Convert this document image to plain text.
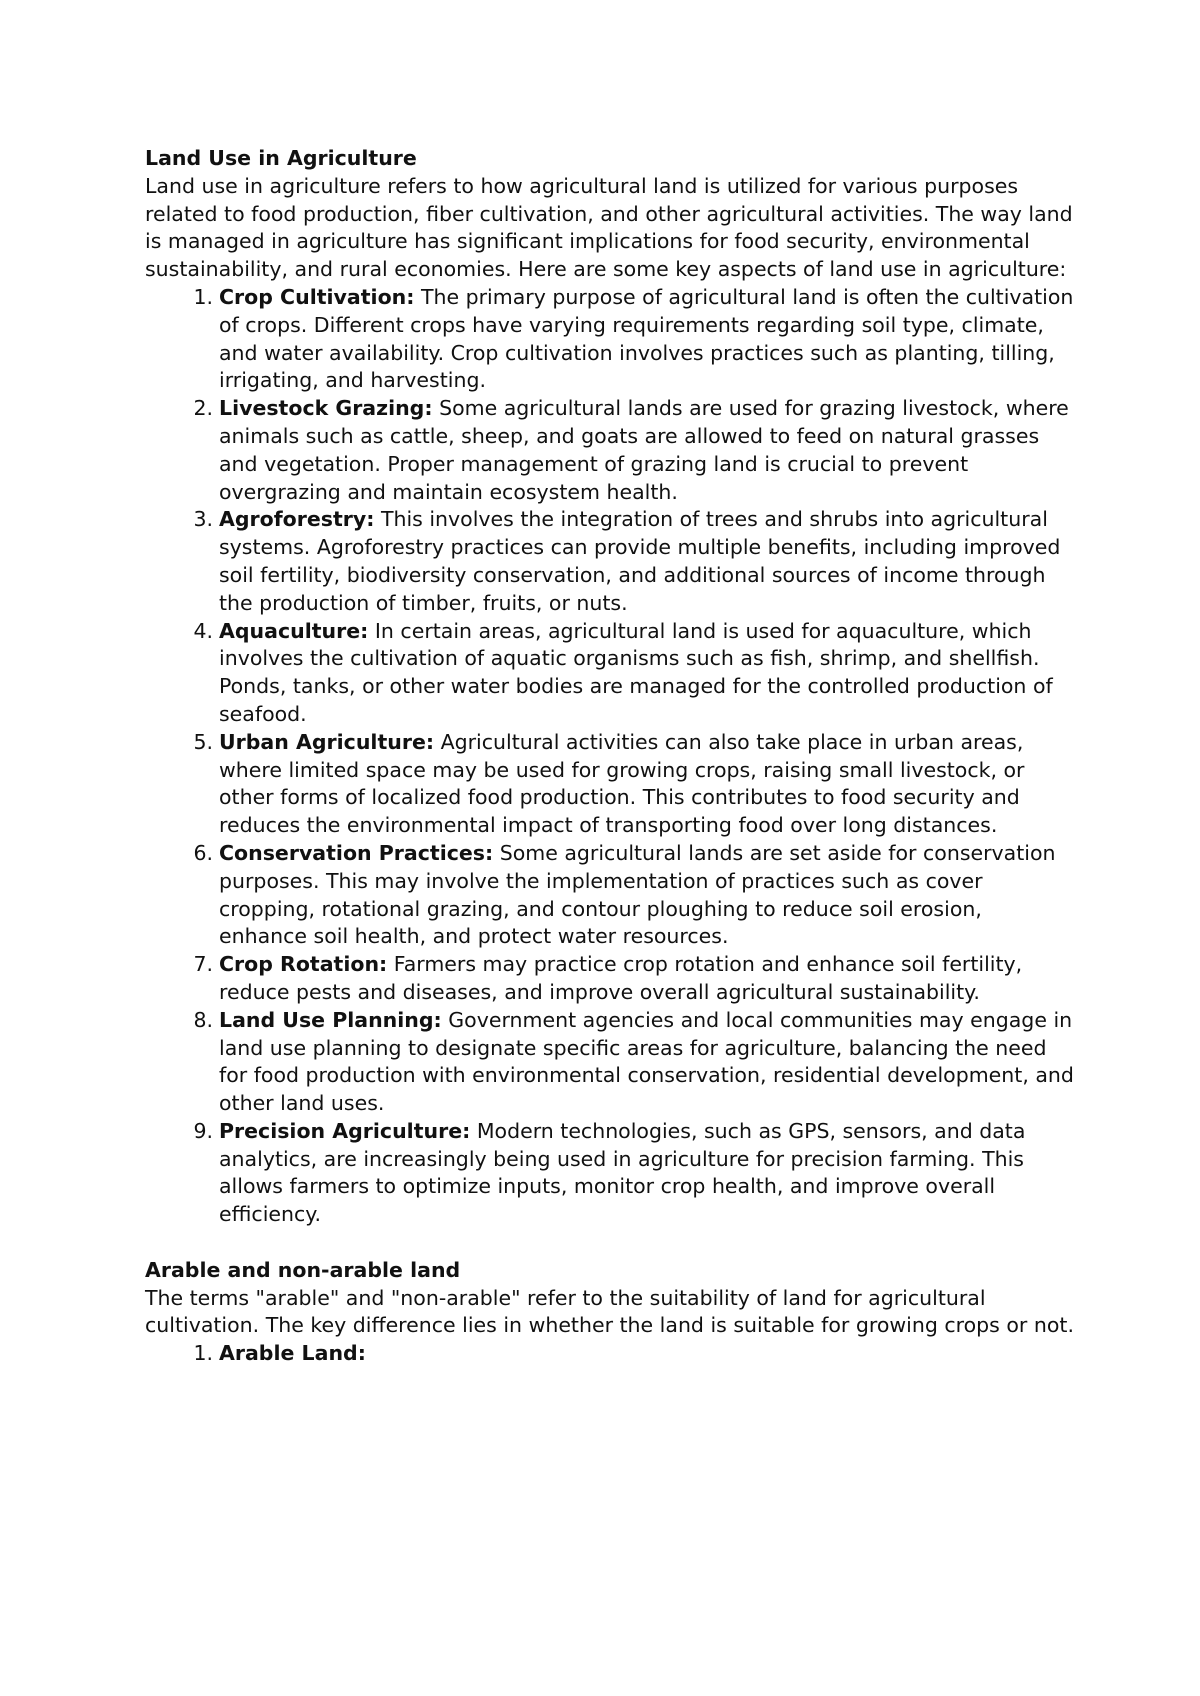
Land Use in Agriculture

Land use in agriculture refers to how agricultural land is utilized for various purposes related to food production, fiber cultivation, and other agricultural activities. The way land is managed in agriculture has significant implications for food security, environmental sustainability, and rural economies. Here are some key aspects of land use in agriculture:

1. Crop Cultivation: The primary purpose of agricultural land is often the cultivation of crops. Different crops have varying requirements regarding soil type, climate, and water availability. Crop cultivation involves practices such as planting, tilling, irrigating, and harvesting.
2. Livestock Grazing: Some agricultural lands are used for grazing livestock, where animals such as cattle, sheep, and goats are allowed to feed on natural grasses and vegetation. Proper management of grazing land is crucial to prevent overgrazing and maintain ecosystem health.
3. Agroforestry: This involves the integration of trees and shrubs into agricultural systems. Agroforestry practices can provide multiple benefits, including improved soil fertility, biodiversity conservation, and additional sources of income through the production of timber, fruits, or nuts.
4. Aquaculture: In certain areas, agricultural land is used for aquaculture, which involves the cultivation of aquatic organisms such as fish, shrimp, and shellfish. Ponds, tanks, or other water bodies are managed for the controlled production of seafood.
5. Urban Agriculture: Agricultural activities can also take place in urban areas, where limited space may be used for growing crops, raising small livestock, or other forms of localized food production. This contributes to food security and reduces the environmental impact of transporting food over long distances.
6. Conservation Practices: Some agricultural lands are set aside for conservation purposes. This may involve the implementation of practices such as cover cropping, rotational grazing, and contour ploughing to reduce soil erosion, enhance soil health, and protect water resources.
7. Crop Rotation: Farmers may practice crop rotation and enhance soil fertility, reduce pests and diseases, and improve overall agricultural sustainability.
8. Land Use Planning: Government agencies and local communities may engage in land use planning to designate specific areas for agriculture, balancing the need for food production with environmental conservation, residential development, and other land uses.
9. Precision Agriculture: Modern technologies, such as GPS, sensors, and data analytics, are increasingly being used in agriculture for precision farming. This allows farmers to optimize inputs, monitor crop health, and improve overall efficiency.

Arable and non-arable land

The terms "arable" and "non-arable" refer to the suitability of land for agricultural cultivation. The key difference lies in whether the land is suitable for growing crops or not.

1. Arable Land:
